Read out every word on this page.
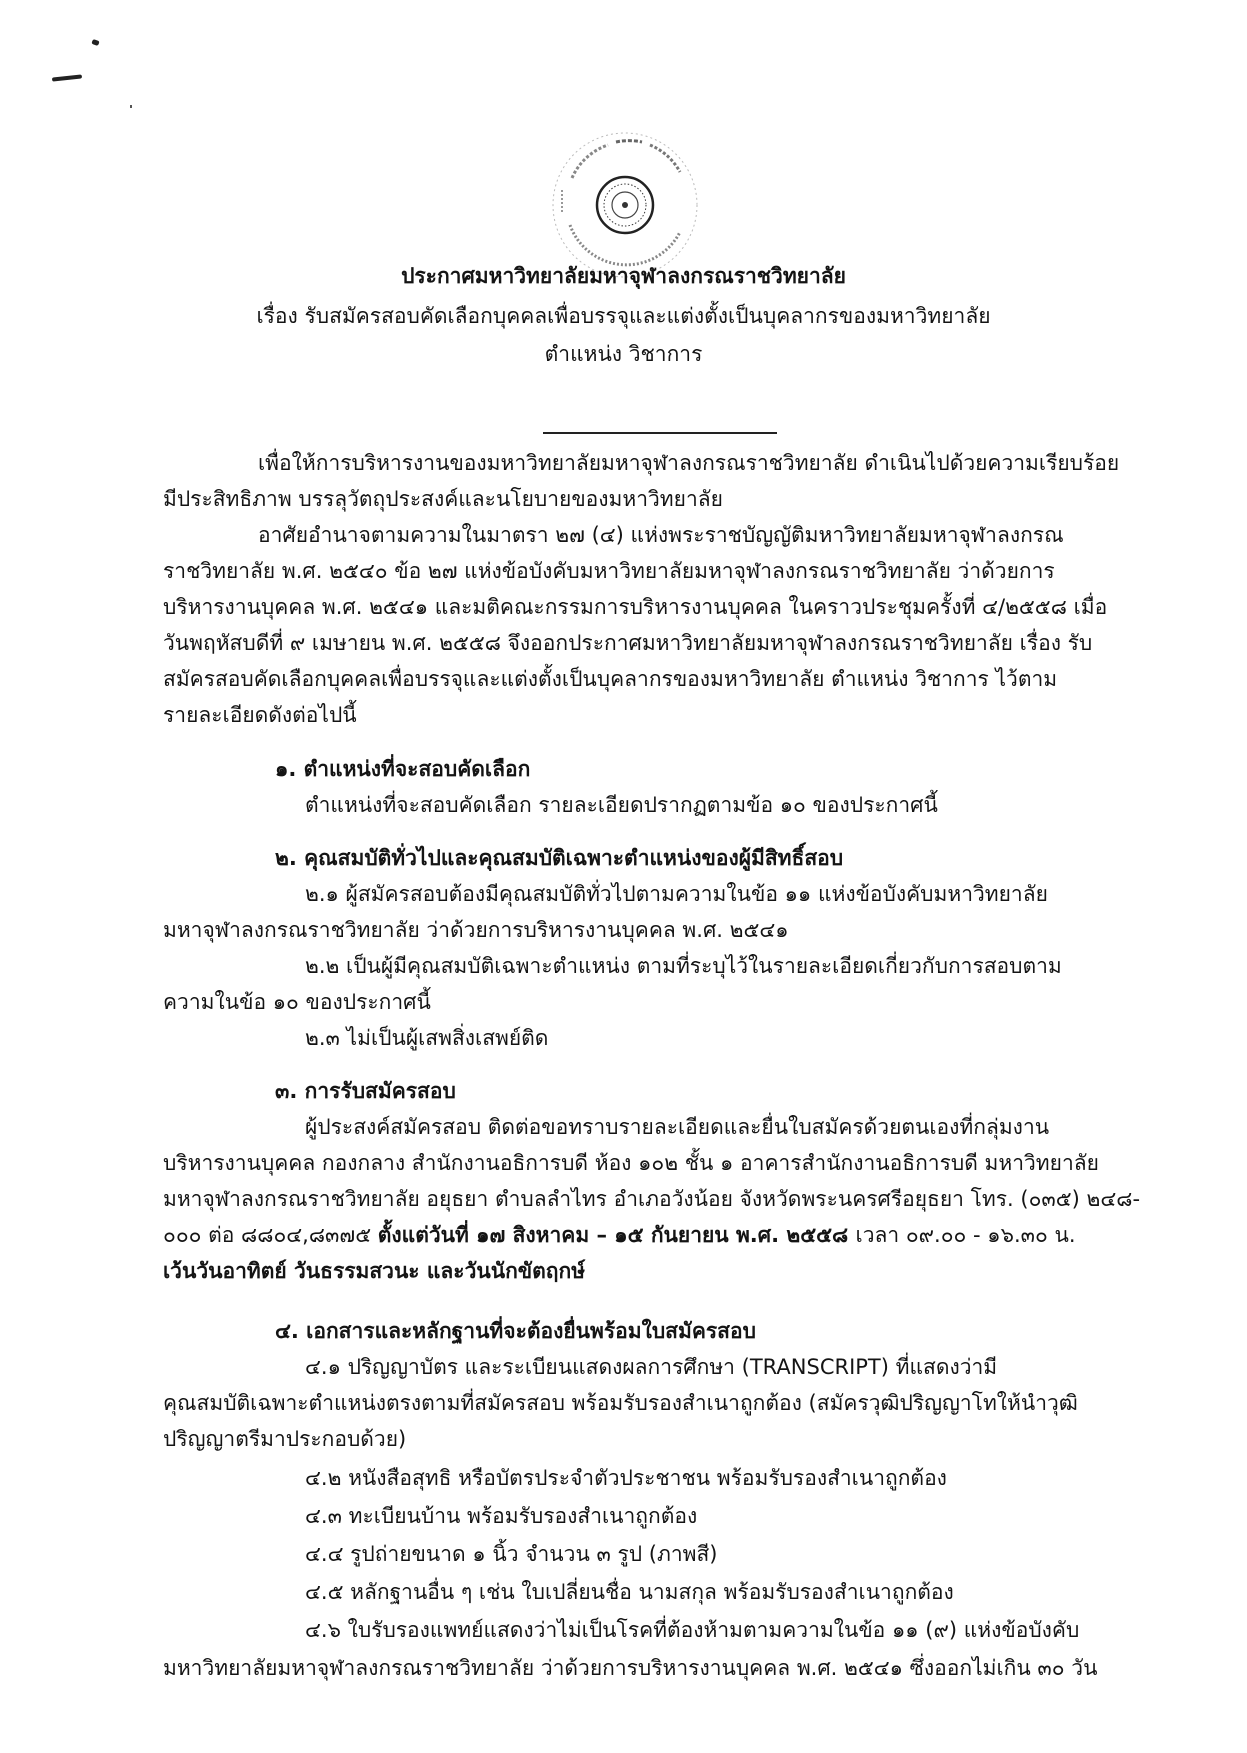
ประกาศมหาวิทยาลัยมหาจุฬาลงกรณราชวิทยาลัย
เรื่อง รับสมัครสอบคัดเลือกบุคคลเพื่อบรรจุและแต่งตั้งเป็นบุคลากรของมหาวิทยาลัย
ตำแหน่ง วิชาการ
เพื่อให้การบริหารงานของมหาวิทยาลัยมหาจุฬาลงกรณราชวิทยาลัย ดำเนินไปด้วยความเรียบร้อย
มีประสิทธิภาพ บรรลุวัตถุประสงค์และนโยบายของมหาวิทยาลัย
อาศัยอำนาจตามความในมาตรา ๒๗ (๔) แห่งพระราชบัญญัติมหาวิทยาลัยมหาจุฬาลงกรณ
ราชวิทยาลัย พ.ศ. ๒๕๔๐ ข้อ ๒๗ แห่งข้อบังคับมหาวิทยาลัยมหาจุฬาลงกรณราชวิทยาลัย ว่าด้วยการ
บริหารงานบุคคล พ.ศ. ๒๕๔๑ และมติคณะกรรมการบริหารงานบุคคล ในคราวประชุมครั้งที่ ๔/๒๕๕๘ เมื่อ
วันพฤหัสบดีที่ ๙ เมษายน พ.ศ. ๒๕๕๘ จึงออกประกาศมหาวิทยาลัยมหาจุฬาลงกรณราชวิทยาลัย เรื่อง รับ
สมัครสอบคัดเลือกบุคคลเพื่อบรรจุและแต่งตั้งเป็นบุคลากรของมหาวิทยาลัย ตำแหน่ง วิชาการ ไว้ตาม
รายละเอียดดังต่อไปนี้
๑. ตำแหน่งที่จะสอบคัดเลือก
ตำแหน่งที่จะสอบคัดเลือก รายละเอียดปรากฏตามข้อ ๑๐ ของประกาศนี้
๒. คุณสมบัติทั่วไปและคุณสมบัติเฉพาะตำแหน่งของผู้มีสิทธิ์สอบ
๒.๑ ผู้สมัครสอบต้องมีคุณสมบัติทั่วไปตามความในข้อ ๑๑ แห่งข้อบังคับมหาวิทยาลัย
มหาจุฬาลงกรณราชวิทยาลัย ว่าด้วยการบริหารงานบุคคล พ.ศ. ๒๕๔๑
๒.๒ เป็นผู้มีคุณสมบัติเฉพาะตำแหน่ง ตามที่ระบุไว้ในรายละเอียดเกี่ยวกับการสอบตาม
ความในข้อ ๑๐ ของประกาศนี้
๒.๓ ไม่เป็นผู้เสพสิ่งเสพย์ติด
๓. การรับสมัครสอบ
ผู้ประสงค์สมัครสอบ ติดต่อขอทราบรายละเอียดและยื่นใบสมัครด้วยตนเองที่กลุ่มงาน
บริหารงานบุคคล กองกลาง สำนักงานอธิการบดี ห้อง ๑๐๒ ชั้น ๑ อาคารสำนักงานอธิการบดี มหาวิทยาลัย
มหาจุฬาลงกรณราชวิทยาลัย อยุธยา ตำบลลำไทร อำเภอวังน้อย จังหวัดพระนครศรีอยุธยา โทร. (๐๓๕) ๒๔๘-
๐๐๐ ต่อ ๘๘๐๔,๘๓๗๕ ตั้งแต่วันที่ ๑๗ สิงหาคม – ๑๕ กันยายน พ.ศ. ๒๕๕๘ เวลา ๐๙.๐๐ - ๑๖.๓๐ น.
เว้นวันอาทิตย์ วันธรรมสวนะ และวันนักขัตฤกษ์
๔. เอกสารและหลักฐานที่จะต้องยื่นพร้อมใบสมัครสอบ
๔.๑ ปริญญาบัตร และระเบียนแสดงผลการศึกษา (TRANSCRIPT) ที่แสดงว่ามี
คุณสมบัติเฉพาะตำแหน่งตรงตามที่สมัครสอบ พร้อมรับรองสำเนาถูกต้อง (สมัครวุฒิปริญญาโทให้นำวุฒิ
ปริญญาตรีมาประกอบด้วย)
๔.๒ หนังสือสุทธิ หรือบัตรประจำตัวประชาชน พร้อมรับรองสำเนาถูกต้อง
๔.๓ ทะเบียนบ้าน พร้อมรับรองสำเนาถูกต้อง
๔.๔ รูปถ่ายขนาด ๑ นิ้ว จำนวน ๓ รูป (ภาพสี)
๔.๕ หลักฐานอื่น ๆ เช่น ใบเปลี่ยนชื่อ นามสกุล พร้อมรับรองสำเนาถูกต้อง
๔.๖ ใบรับรองแพทย์แสดงว่าไม่เป็นโรคที่ต้องห้ามตามความในข้อ ๑๑ (๙) แห่งข้อบังคับ
มหาวิทยาลัยมหาจุฬาลงกรณราชวิทยาลัย ว่าด้วยการบริหารงานบุคคล พ.ศ. ๒๕๔๑ ซึ่งออกไม่เกิน ๓๐ วัน
